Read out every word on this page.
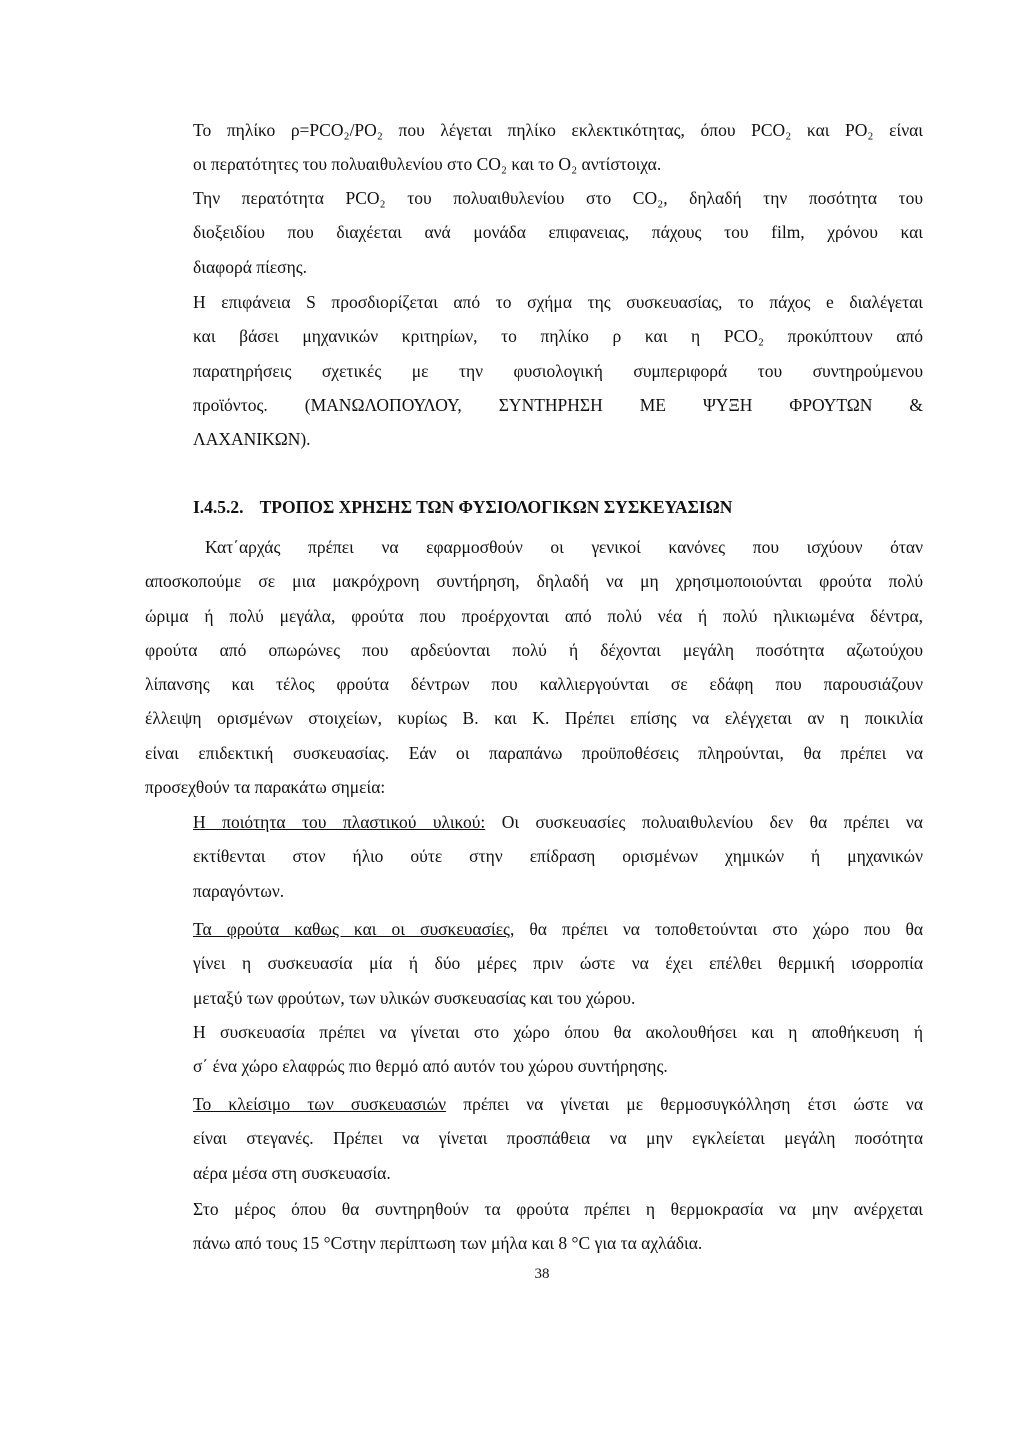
Το πηλίκο ρ=PCO₂/PO₂ που λέγεται πηλίκο εκλεκτικότητας, όπου PCO₂ και PO₂ είναι
οι περατότητες του πολυαιθυλενίου στο CO₂ και το O₂ αντίστοιχα.
Την περατότητα PCO₂ του πολυαιθυλενίου στο CO₂, δηλαδή την ποσότητα του
διοξειδίου που διαχέεται ανά μονάδα επιφανειας, πάχους του film, χρόνου και
διαφορά πίεσης.
Η επιφάνεια S προσδιορίζεται από το σχήμα της συσκευασίας, το πάχος e διαλέγεται
και βάσει μηχανικών κριτηρίων, το πηλίκο ρ και η PCO₂ προκύπτουν από
παρατηρήσεις σχετικές με την φυσιολογική συμπεριφορά του συντηρούμενου
προϊόντος. (ΜΑΝΩΛΟΠΟΥΛΟΥ, ΣΥΝΤΗΡΗΣΗ ΜΕ ΨΥΞΗ ΦΡΟΥΤΩΝ &
ΛΑΧΑΝΙΚΩΝ).
Ι.4.5.2. ΤΡΟΠΟΣ ΧΡΗΣΗΣ ΤΩΝ ΦΥΣΙΟΛΟΓΙΚΩΝ ΣΥΣΚΕΥΑΣΙΩΝ
Κατ΄αρχάς πρέπει να εφαρμοσθούν οι γενικοί κανόνες που ισχύουν όταν
αποσκοπούμε σε μια μακρόχρονη συντήρηση, δηλαδή να μη χρησιμοποιούνται φρούτα πολύ
ώριμα ή πολύ μεγάλα, φρούτα που προέρχονται από πολύ νέα ή πολύ ηλικιωμένα δέντρα,
φρούτα από οπωρώνες που αρδεύονται πολύ ή δέχονται μεγάλη ποσότητα αζωτούχου
λίπανσης και τέλος φρούτα δέντρων που καλλιεργούνται σε εδάφη που παρουσιάζουν
έλλειψη ορισμένων στοιχείων, κυρίως Β. και Κ. Πρέπει επίσης να ελέγχεται αν η ποικιλία
είναι επιδεκτική συσκευασίας. Εάν οι παραπάνω προϋποθέσεις πληρούνται, θα πρέπει να
προσεχθούν τα παρακάτω σημεία:
Η ποιότητα του πλαστικού υλικού: Οι συσκευασίες πολυαιθυλενίου δεν θα πρέπει να
εκτίθενται στον ήλιο ούτε στην επίδραση ορισμένων χημικών ή μηχανικών
παραγόντων.
Τα φρούτα καθως και οι συσκευασίες, θα πρέπει να τοποθετούνται στο χώρο που θα
γίνει η συσκευασία μία ή δύο μέρες πριν ώστε να έχει επέλθει θερμική ισορροπία
μεταξύ των φρούτων, των υλικών συσκευασίας και του χώρου.
Η συσκευασία πρέπει να γίνεται στο χώρο όπου θα ακολουθήσει και η αποθήκευση ή
σ΄ ένα χώρο ελαφρώς πιο θερμό από αυτόν του χώρου συντήρησης.
Το κλείσιμο των συσκευασιών πρέπει να γίνεται με θερμοσυγκόλληση έτσι ώστε να
είναι στεγανές. Πρέπει να γίνεται προσπάθεια να μην εγκλείεται μεγάλη ποσότητα
αέρα μέσα στη συσκευασία.
Στο μέρος όπου θα συντηρηθούν τα φρούτα πρέπει η θερμοκρασία να μην ανέρχεται
πάνω από τους 15 °Cστην περίπτωση των μήλα και 8 °C για τα αχλάδια.
38
